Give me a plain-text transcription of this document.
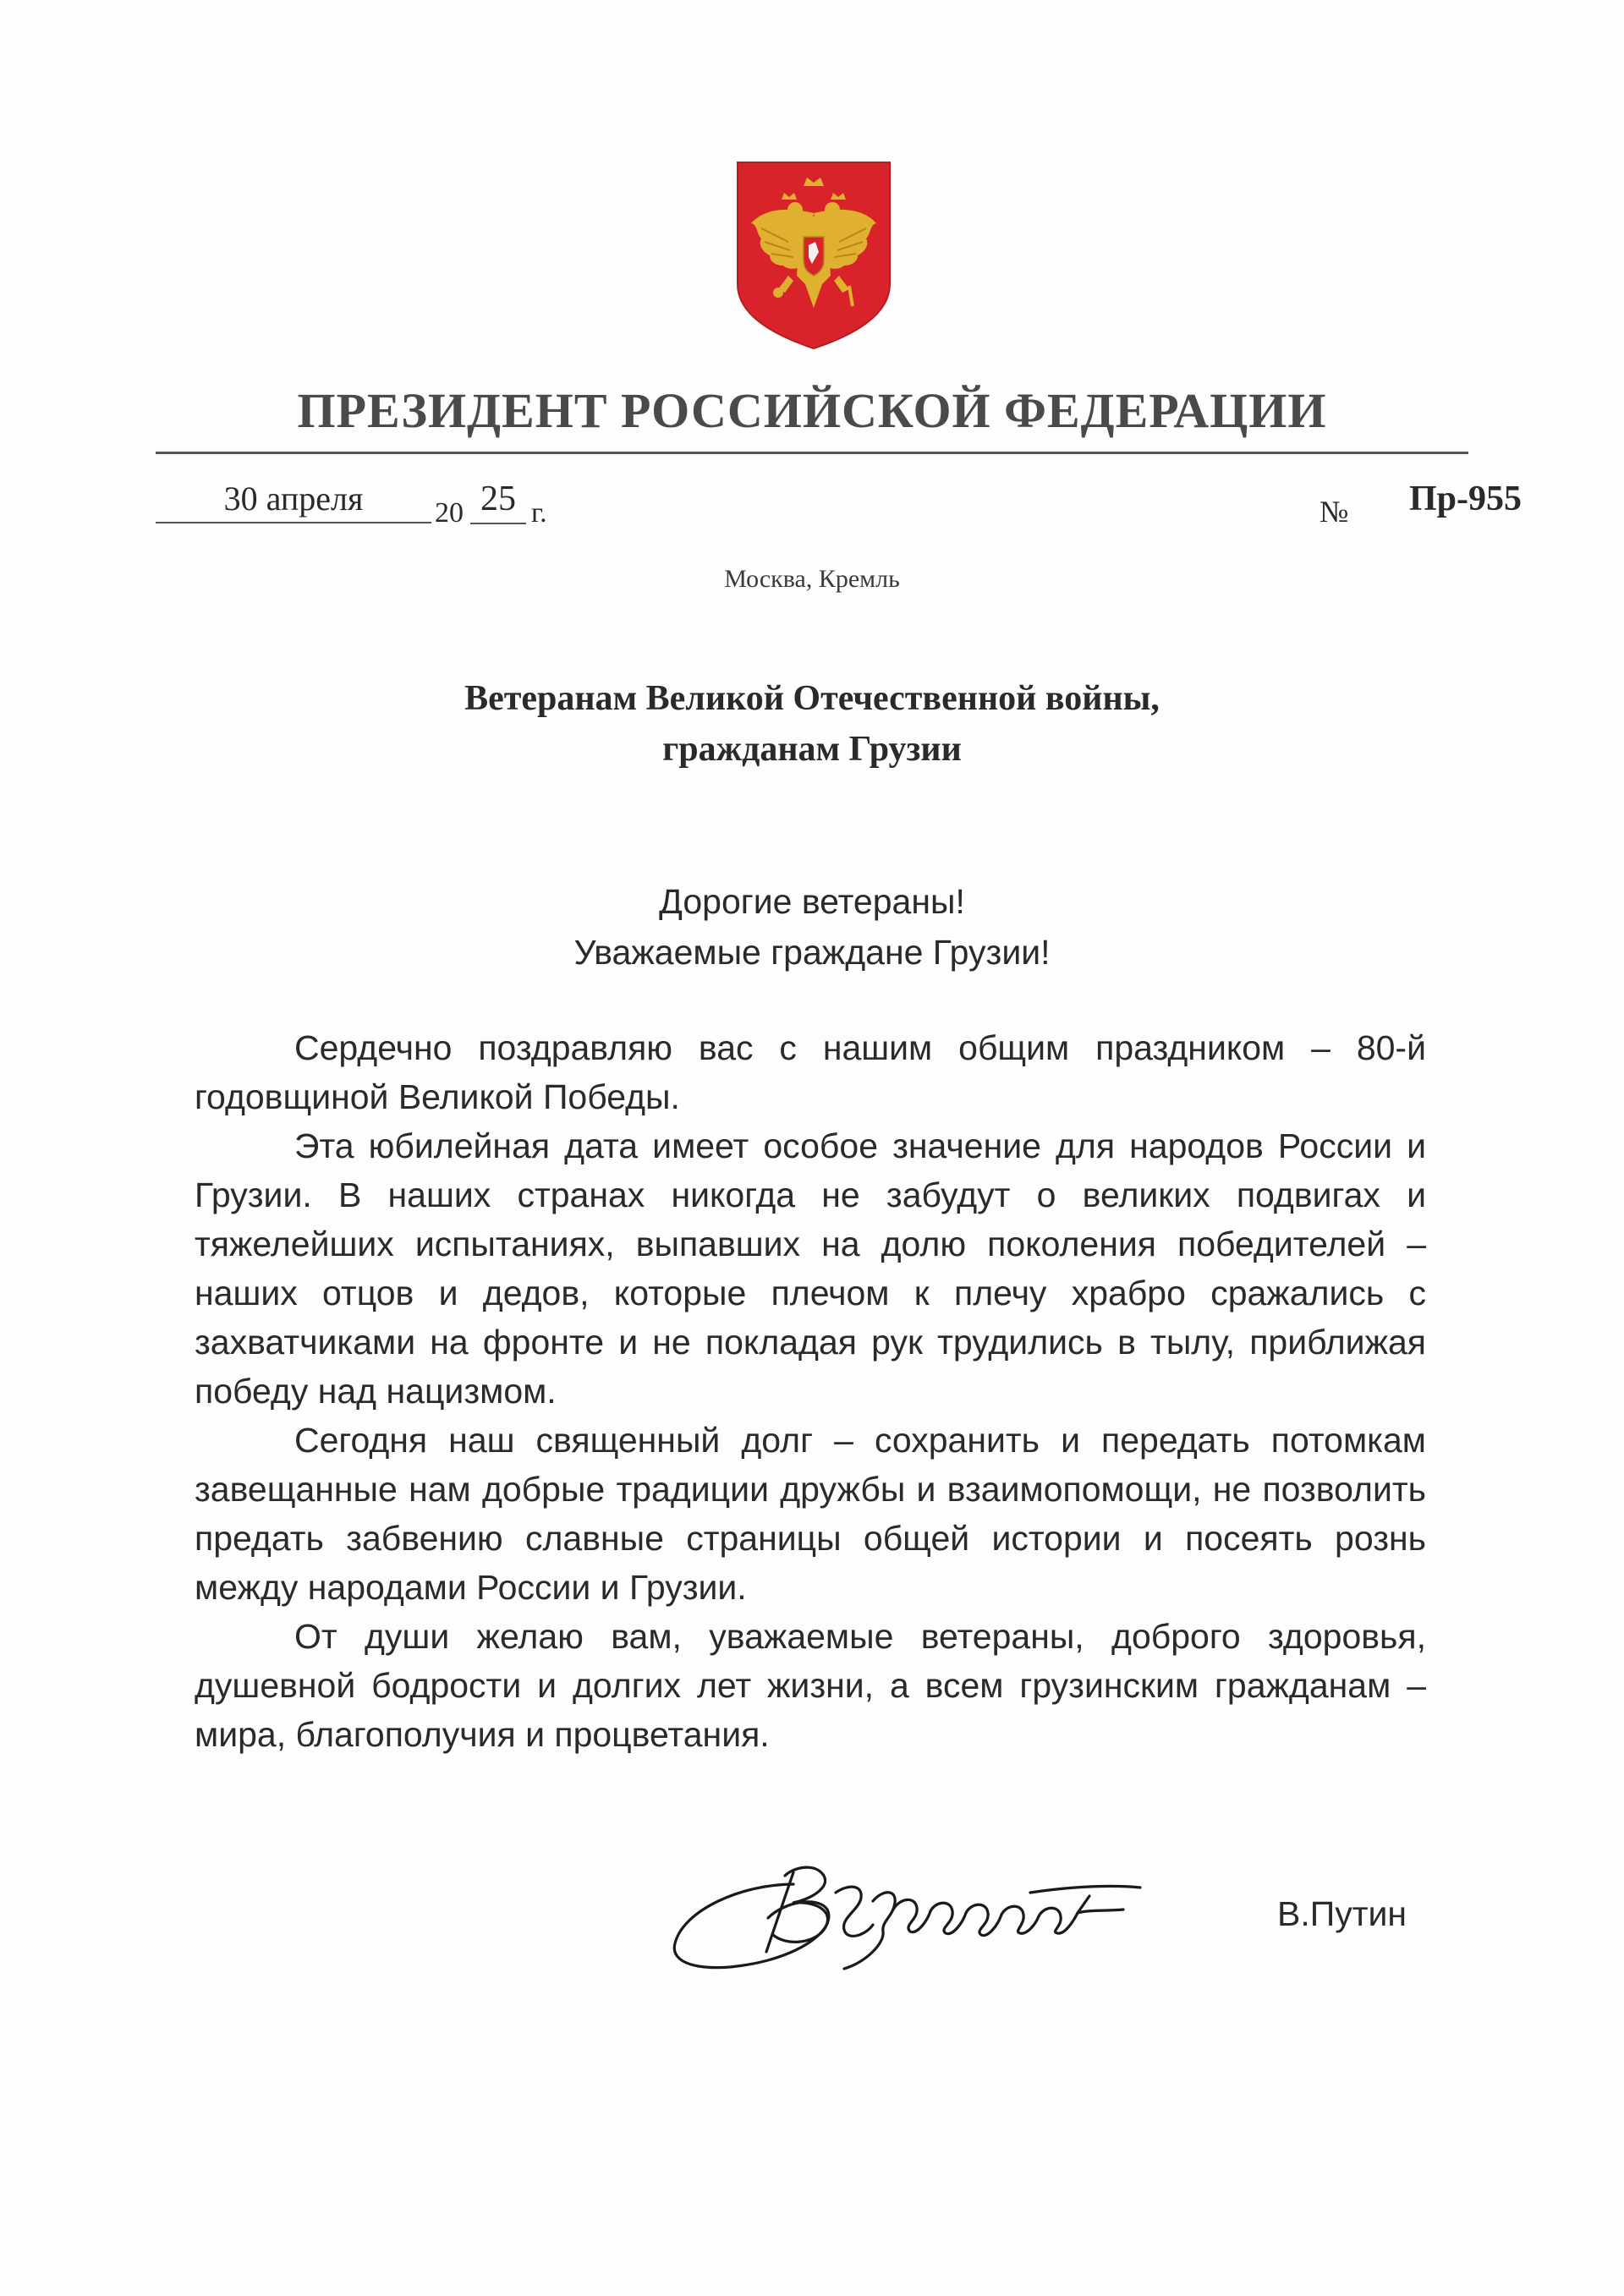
ПРЕЗИДЕНТ РОССИЙСКОЙ ФЕДЕРАЦИИ
30 апреля	20 25 г.	№ Пр-955
Москва, Кремль
Ветеранам Великой Отечественной войны,
гражданам Грузии
Дорогие ветераны!
Уважаемые граждане Грузии!

Сердечно поздравляю вас с нашим общим праздником – 80-й годовщиной Великой Победы.

Эта юбилейная дата имеет особое значение для народов России и Грузии. В наших странах никогда не забудут о великих подвигах и тяжелейших испытаниях, выпавших на долю поколения победителей – наших отцов и дедов, которые плечом к плечу храбро сражались с захватчиками на фронте и не покладая рук трудились в тылу, приближая победу над нацизмом.

Сегодня наш священный долг – сохранить и передать потомкам завещанные нам добрые традиции дружбы и взаимопомощи, не позволить предать забвению славные страницы общей истории и посеять рознь между народами России и Грузии.

От души желаю вам, уважаемые ветераны, доброго здоровья, душевной бодрости и долгих лет жизни, а всем грузинским гражданам – мира, благополучия и процветания.

В.Путин
